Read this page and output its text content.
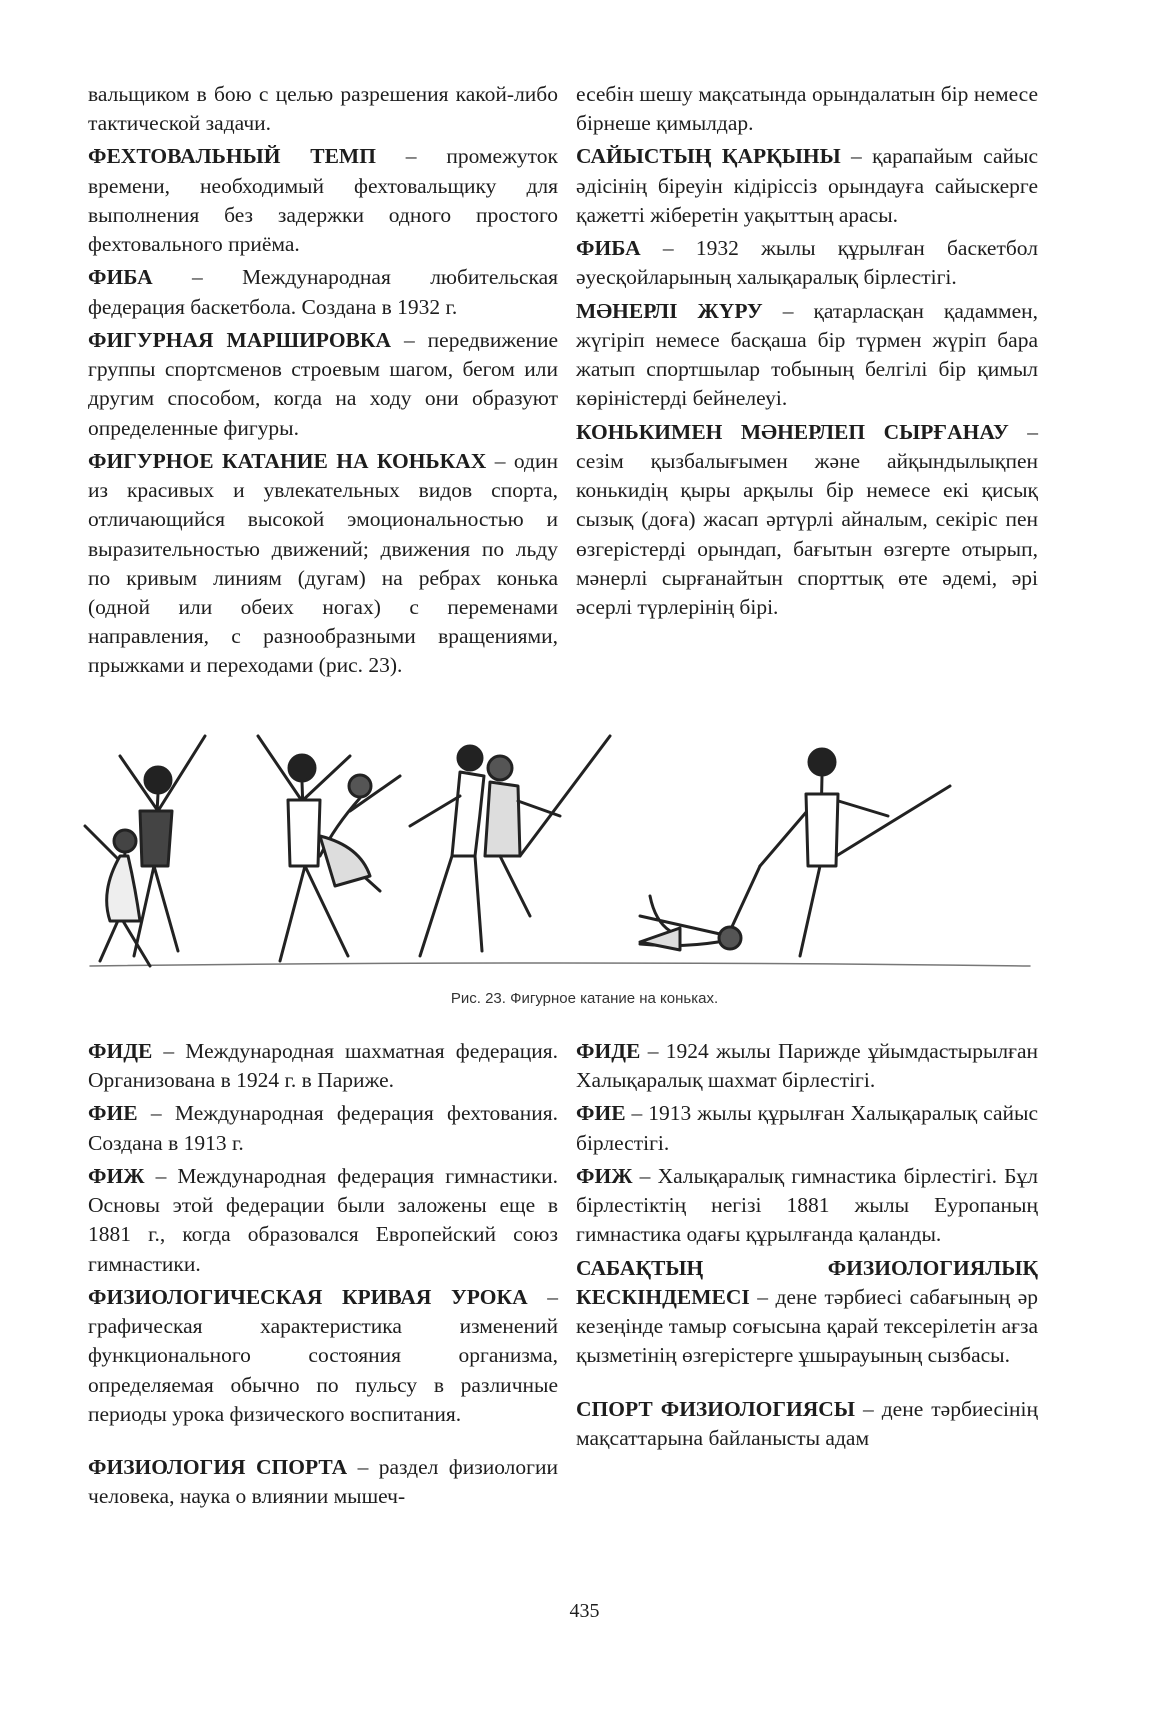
вальщиком в бою с целью разрешения какой-либо тактической задачи.

ФЕХТОВАЛЬНЫЙ ТЕМП – промежуток времени, необходимый фехтовальщику для выполнения без задержки одного простого фехтовального приёма.

ФИБА – Международная любительская федерация баскетбола. Создана в 1932 г.

ФИГУРНАЯ МАРШИРОВКА – передвижение группы спортсменов строевым шагом, бегом или другим способом, когда на ходу они образуют определенные фигуры.

ФИГУРНОЕ КАТАНИЕ НА КОНЬКАХ – один из красивых и увлекательных видов спорта, отличающийся высокой эмоциональностью и выразительностью движений; движения по льду по кривым линиям (дугам) на ребрах конька (одной или обеих ногах) с переменами направления, с разнообразными вращениями, прыжками и переходами (рис. 23).

есебін шешу мақсатында орындалатын бір немесе бірнеше қимылдар.

САЙЫСТЫҢ ҚАРҚЫНЫ – қарапайым сайыс әдісінің біреуін кідіріссіз орындауға сайыскерге қажетті жіберетін уақыттың арасы.

ФИБА – 1932 жылы құрылған баскетбол әуесқойларының халықаралық бірлестігі.

МӘНЕРЛІ ЖҮРУ – қатарласқан қадаммен, жүгіріп немесе басқаша бір түрмен жүріп бара жатып спортшылар тобының белгілі бір қимыл көріністерді бейнелеуі.

КОНЬКИМЕН МӘНЕРЛЕП СЫРҒАНАУ – сезім қызбалығымен және айқындылықпен конькидің қыры арқылы бір немесе екі қисық сызық (доға) жасап әртүрлі айналым, секіріс пен өзгерістерді орындап, бағытын өзгерте отырып, мәнерлі сырғанайтын спорттық өте әдемі, әрі әсерлі түрлерінің бірі.

Рис. 23. Фигурное катание на коньках.

ФИДЕ – Международная шахматная федерация. Организована в 1924 г. в Париже.

ФИЕ – Международная федерация фехтования. Создана в 1913 г.

ФИЖ – Международная федерация гимнастики. Основы этой федерации были заложены еще в 1881 г., когда образовался Европейский союз гимнастики.

ФИЗИОЛОГИЧЕСКАЯ КРИВАЯ УРОКА – графическая характеристика изменений функционального состояния организма, определяемая обычно по пульсу в различные периоды урока физического воспитания.

ФИЗИОЛОГИЯ СПОРТА – раздел физиологии человека, наука о влиянии мышеч-

ФИДЕ – 1924 жылы Парижде ұйымдастырылған Халықаралық шахмат бірлестігі.

ФИЕ – 1913 жылы құрылған Халықаралық сайыс бірлестігі.

ФИЖ – Халықаралық гимнастика бірлестігі. Бұл бірлестіктің негізі 1881 жылы Еуропаның гимнастика одағы құрылғанда қаланды.

САБАҚТЫҢ ФИЗИОЛОГИЯЛЫҚ КЕСКІНДЕМЕСІ – дене тәрбиесі сабағының әр кезеңінде тамыр соғысына қарай тексерілетін ағза қызметінің өзгерістерге ұшырауының сызбасы.

СПОРТ ФИЗИОЛОГИЯСЫ – дене тәрбиесінің мақсаттарына байланысты адам

435
